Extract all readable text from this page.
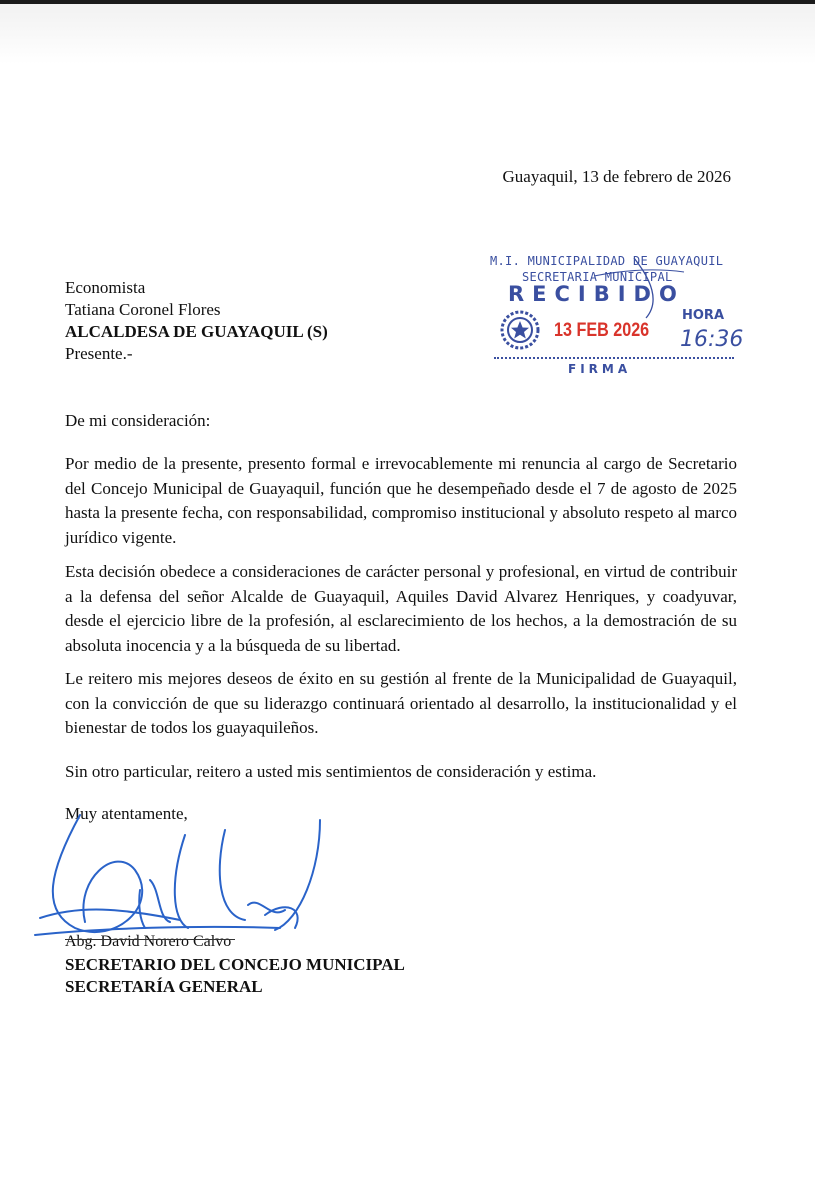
Guayaquil, 13 de febrero de 2026
Economista
Tatiana Coronel Flores
ALCALDESA DE GUAYAQUIL (S)
Presente.-
M.I. MUNICIPALIDAD DE GUAYAQUIL
SECRETARIA MUNICIPAL
RECIBIDO
13 FEB 2026
HORA
16:36
FIRMA
De mi consideración:

Por medio de la presente, presento formal e irrevocablemente mi renuncia al cargo de Secretario del Concejo Municipal de Guayaquil, función que he desempeñado desde el 7 de agosto de 2025 hasta la presente fecha, con responsabilidad, compromiso institucional y absoluto respeto al marco jurídico vigente.

Esta decisión obedece a consideraciones de carácter personal y profesional, en virtud de contribuir a la defensa del señor Alcalde de Guayaquil, Aquiles David Alvarez Henriques, y coadyuvar, desde el ejercicio libre de la profesión, al esclarecimiento de los hechos, a la demostración de su absoluta inocencia y a la búsqueda de su libertad.

Le reitero mis mejores deseos de éxito en su gestión al frente de la Municipalidad de Guayaquil, con la convicción de que su liderazgo continuará orientado al desarrollo, la institucionalidad y el bienestar de todos los guayaquileños.

Sin otro particular, reitero a usted mis sentimientos de consideración y estima.

Muy atentamente,
Abg. David Norero Calvo
SECRETARIO DEL CONCEJO MUNICIPAL
SECRETARÍA GENERAL
